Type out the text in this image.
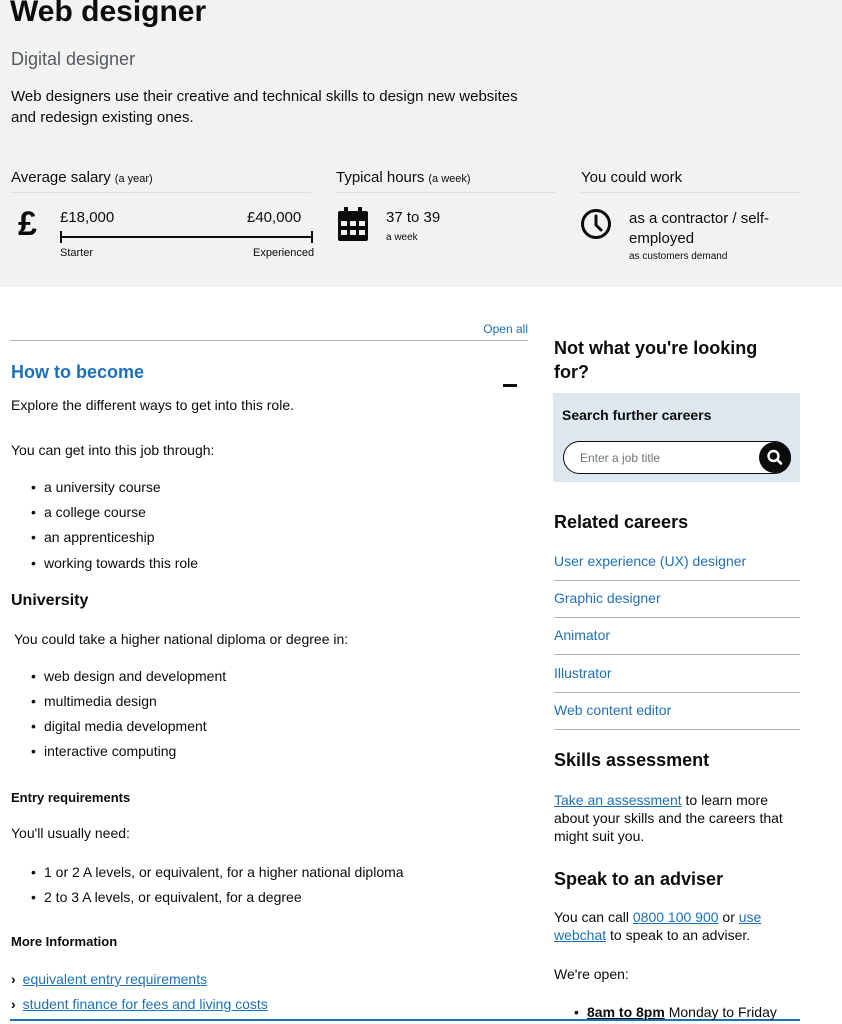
Web designer
Digital designer
Web designers use their creative and technical skills to design new websites and redesign existing ones.
Average salary (a year)
£ £18,000	£40,000
Starter	Experienced
Typical hours (a week)
37 to 39
a week
You could work
as a contractor / self-employed
as customers demand
Open all
How to become
Explore the different ways to get into this role.
You can get into this job through:
• a university course
• a college course
• an apprenticeship
• working towards this role
University
You could take a higher national diploma or degree in:
• web design and development
• multimedia design
• digital media development
• interactive computing
Entry requirements
You'll usually need:
• 1 or 2 A levels, or equivalent, for a higher national diploma
• 2 to 3 A levels, or equivalent, for a degree
More Information
› equivalent entry requirements
› student finance for fees and living costs
Not what you're looking for?
Search further careers
Enter a job title
Related careers
User experience (UX) designer
Graphic designer
Animator
Illustrator
Web content editor
Skills assessment
Take an assessment to learn more about your skills and the careers that might suit you.
Speak to an adviser
You can call 0800 100 900 or use webchat to speak to an adviser.
We're open:
• 8am to 8pm Monday to Friday
